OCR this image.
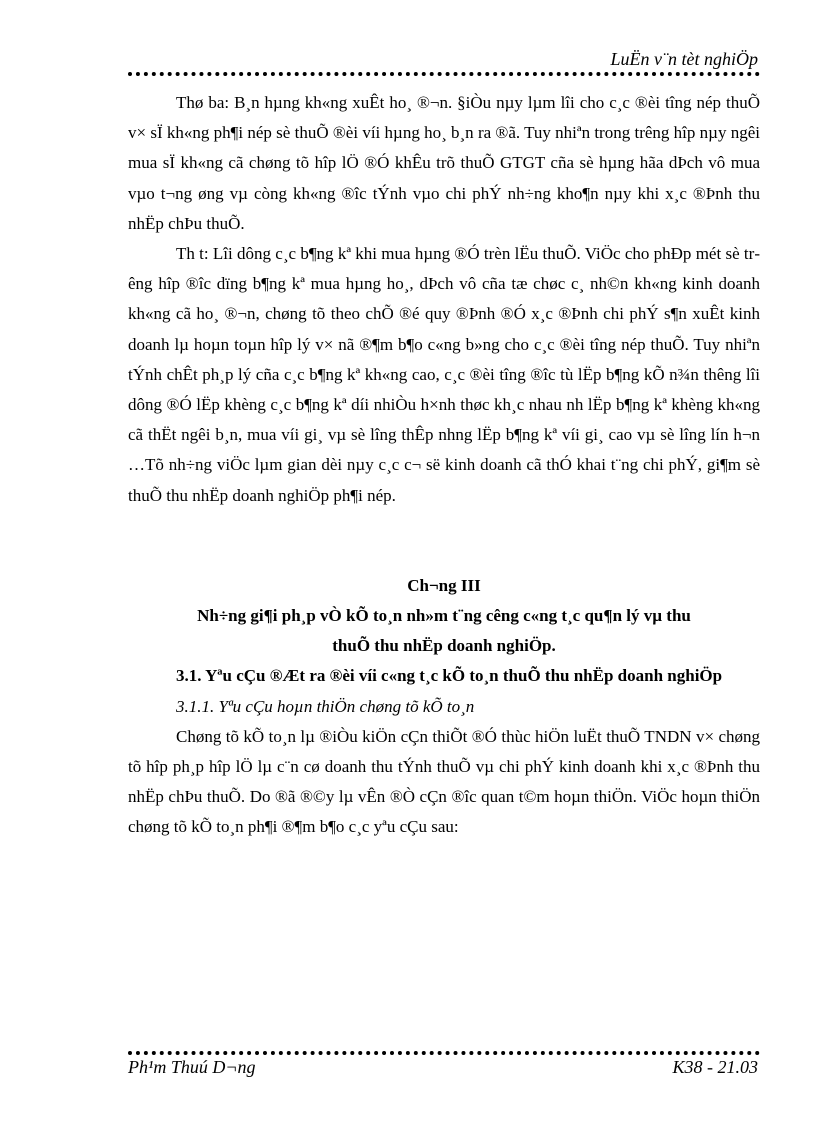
LuËn v¨n tèt nghiÖp

Thø ba: B¸n hµng kh«ng xuÊt ho¸ ®¬n. §iÒu nµy lµm lîi cho c¸c ®èi tîng nép thuÕ v× sÏ kh«ng ph¶i nép sè thuÕ ®èi víi hµng ho¸ b¸n ra ®ã. Tuy nhiªn trong trêng hîp nµy ngêi mua sÏ kh«ng cã chøng tõ hîp lÖ ®Ó khÊu trõ thuÕ GTGT cña sè hµng hãa dÞch vô mua vµo t¬ng øng vµ còng kh«ng ®îc tÝnh vµo chi phÝ nh÷ng kho¶n nµy khi x¸c ®Þnh thu nhËp chÞu thuÕ.

Th t: Lîi dông c¸c b¶ng kª khi mua hµng ®Ó trèn lËu thuÕ. ViÖc cho phÐp mét sè trêng hîp ®îc dïng b¶ng kª mua hµng ho¸, dÞch vô cña tæ chøc c¸ nh©n kh«ng kinh doanh kh«ng cã ho¸ ®¬n, chøng tõ theo chÕ ®é quy ®Þnh ®Ó x¸c ®Þnh chi phÝ s¶n xuÊt kinh doanh lµ hoµn toµn hîp lý v× nã ®¶m b¶o c«ng b»ng cho c¸c ®èi tîng nép thuÕ. Tuy nhiªn tÝnh chÊt ph¸p lý cña c¸c b¶ng kª kh«ng cao, c¸c ®èi tîng ®îc tù lËp b¶ng kÕ n¾n thêng lîi dông ®Ó lËp khèng c¸c b¶ng kª díi nhiÒu h×nh thøc kh¸c nhau nh lËp b¶ng kª khèng kh«ng cã thËt ngêi b¸n, mua víi gi¸ vµ sè lîng thÊp nhng lËp b¶ng kª víi gi¸ cao vµ sè lîng lín h¬n …Tõ nh÷ng viÖc lµm gian dèi nµy c¸c c¬ së kinh doanh cã thÓ khai t¨ng chi phÝ, gi¶m sè thuÕ thu nhËp doanh nghiÖp ph¶i nép.

Ch¬ng III

Nh÷ng gi¶i ph¸p vÒ kÕ to¸n nh»m t¨ng cêng c«ng t¸c qu¶n lý vµ thu

thuÕ thu nhËp doanh nghiÖp.

3.1. Yªu cÇu ®Æt ra ®èi víi c«ng t¸c kÕ to¸n thuÕ thu nhËp doanh nghiÖp

3.1.1. Yªu cÇu hoµn thiÖn chøng tõ kÕ to¸n

Chøng tõ kÕ to¸n lµ ®iÒu kiÖn cÇn thiÕt ®Ó thùc hiÖn luËt thuÕ TNDN v× chøng tõ hîp ph¸p hîp lÖ lµ c¨n cø doanh thu tÝnh thuÕ vµ chi phÝ kinh doanh khi x¸c ®Þnh thu nhËp chÞu thuÕ. Do ®ã ®©y lµ vÊn ®Ò cÇn ®îc quan t©m hoµn thiÖn. ViÖc hoµn thiÖn chøng tõ kÕ to¸n ph¶i ®¶m b¶o c¸c yªu cÇu sau:

Ph¹m Thuú D¬ng	K38 - 21.03
